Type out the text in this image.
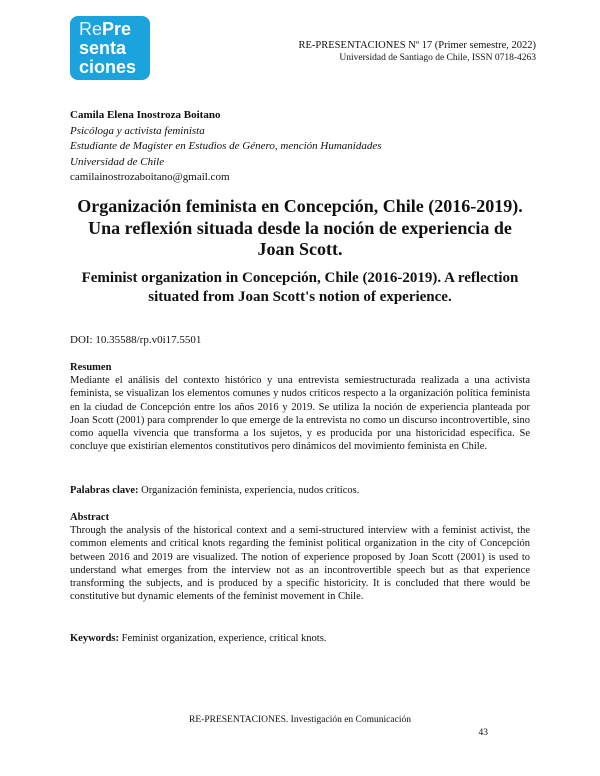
RePre
senta
ciones
RE-PRESENTACIONES Nº 17 (Primer semestre, 2022)
Universidad de Santiago de Chile, ISSN 0718-4263
Camila Elena Inostroza Boitano
Psicóloga y activista feminista
Estudiante de Magíster en Estudios de Género, mención Humanidades
Universidad de Chile
camilainostrozaboitano@gmail.com
Organización feminista en Concepción, Chile (2016-2019). Una reflexión situada desde la noción de experiencia de Joan Scott.
Feminist organization in Concepción, Chile (2016-2019). A reflection situated from Joan Scott's notion of experience.
DOI: 10.35588/rp.v0i17.5501
Resumen
Mediante el análisis del contexto histórico y una entrevista semiestructurada realizada a una activista feminista, se visualizan los elementos comunes y nudos críticos respecto a la organización política feminista en la ciudad de Concepción entre los años 2016 y 2019. Se utiliza la noción de experiencia planteada por Joan Scott (2001) para comprender lo que emerge de la entrevista no como un discurso incontrovertible, sino como aquella vivencia que transforma a los sujetos, y es producida por una historicidad específica. Se concluye que existirían elementos constitutivos pero dinámicos del movimiento feminista en Chile.
Palabras clave: Organización feminista, experiencia, nudos críticos.
Abstract
Through the analysis of the historical context and a semi-structured interview with a feminist activist, the common elements and critical knots regarding the feminist political organization in the city of Concepción between 2016 and 2019 are visualized. The notion of experience proposed by Joan Scott (2001) is used to understand what emerges from the interview not as an incontrovertible speech but as that experience transforming the subjects, and is produced by a specific historicity. It is concluded that there would be constitutive but dynamic elements of the feminist movement in Chile.
Keywords: Feminist organization, experience, critical knots.
RE-PRESENTACIONES. Investigación en Comunicación
43
